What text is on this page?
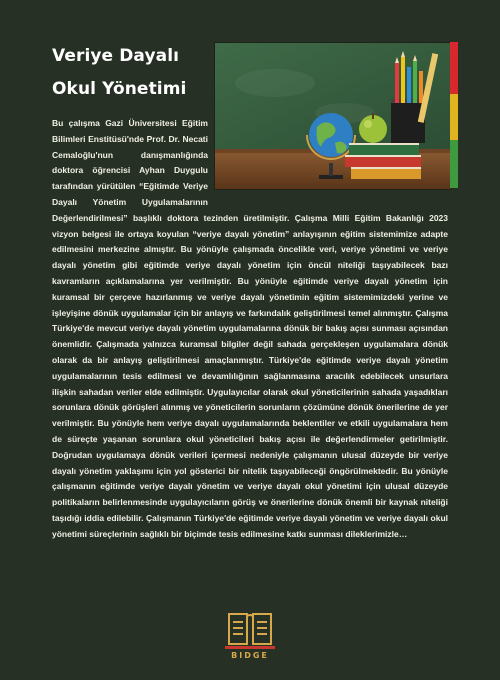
Veriye Dayalı Okul Yönetimi
Bu çalışma Gazi Üniversitesi Eğitim Bilimleri Enstitüsü'nde Prof. Dr. Necati Cemaloğlu'nun danışmanlığında doktora öğrencisi Ayhan Duygulu tarafından yürütülen “Eğitimde Veriye Dayalı Yönetim Uygulamalarının Değerlendirilmesi” başlıklı doktora tezinden üretilmiştir. Çalışma Milli Eğitim Bakanlığı 2023 vizyon belgesi ile ortaya koyulan “veriye dayalı yönetim” anlayışının eğitim sistemimize adapte edilmesini merkezine almıştır. Bu yönüyle çalışmada öncelikle veri, veriye yönetimi ve veriye dayalı yönetim gibi eğitimde veriye dayalı yönetim için öncül niteliği taşıyabilecek bazı kavramların açıklamalarına yer verilmiştir. Bu yönüyle eğitimde veriye dayalı yönetim için kuramsal bir çerçeve hazırlanmış ve veriye dayalı yönetimin eğitim sistemimizdeki yerine ve işleyişine dönük uygulamalar için bir anlayış ve farkındalık geliştirilmesi temel alınmıştır. Çalışma Türkiye'de mevcut veriye dayalı yönetim uygulamalarına dönük bir bakış açısı sunması açısından önemlidir. Çalışmada yalnızca kuramsal bilgiler değil sahada gerçekleşen uygulamalara dönük olarak da bir anlayış geliştirilmesi amaçlanmıştır. Türkiye'de eğitimde veriye dayalı yönetim uygulamalarının tesis edilmesi ve devamlılığının sağlanmasına aracılık edebilecek unsurlara ilişkin sahadan veriler elde edilmiştir. Uygulayıcılar olarak okul yöneticilerinin sahada yaşadıkları sorunlara dönük görüşleri alınmış ve yöneticilerin sorunların çözümüne dönük önerilerine de yer verilmiştir. Bu yönüyle hem veriye dayalı uygulamalarında beklentiler ve etkili uygulamalara hem de süreçte yaşanan sorunlara okul yöneticileri bakış açısı ile değerlendirmeler getirilmiştir. Doğrudan uygulamaya dönük verileri içermesi nedeniyle çalışmanın ulusal düzeyde bir veriye dayalı yönetim yaklaşımı için yol gösterici bir nitelik taşıyabileceği öngörülmektedir. Bu yönüyle çalışmanın eğitimde veriye dayalı yönetim ve veriye dayalı okul yönetimi için ulusal düzeyde politikaların belirlenmesinde uygulayıcıların görüş ve önerilerine dönük önemli bir kaynak niteliği taşıdığı iddia edilebilir. Çalışmanın Türkiye'de eğitimde veriye dayalı yönetim ve veriye dayalı okul yönetimi süreçlerinin sağlıklı bir biçimde tesis edilmesine katkı sunması dileklerimizle…
BIDGE
